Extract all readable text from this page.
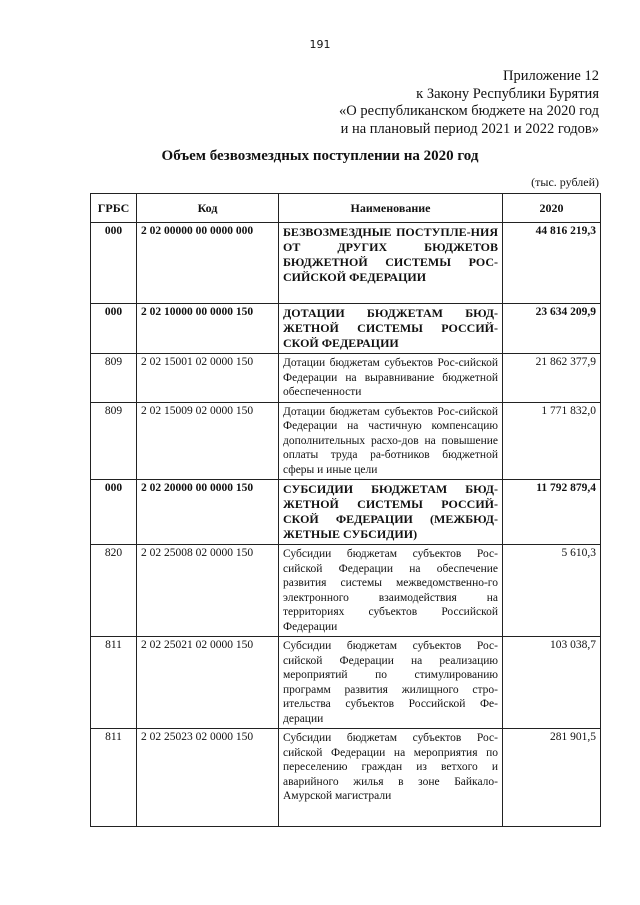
191
Приложение 12
к Закону Республики Бурятия
«О республиканском бюджете на 2020 год
и на плановый период 2021 и 2022 годов»
Объем безвозмездных поступлении на 2020 год
(тыс. рублей)
ГРБС	Код	Наименование	2020
000	2 02 00000 00 0000 000	БЕЗВОЗМЕЗДНЫЕ ПОСТУПЛЕ-НИЯ ОТ ДРУГИХ БЮДЖЕТОВ БЮДЖЕТНОЙ СИСТЕМЫ РОС-СИЙСКОЙ ФЕДЕРАЦИИ	44 816 219,3
000	2 02 10000 00 0000 150	ДОТАЦИИ БЮДЖЕТАМ БЮД-ЖЕТНОЙ СИСТЕМЫ РОССИЙ-СКОЙ ФЕДЕРАЦИИ	23 634 209,9
809	2 02 15001 02 0000 150	Дотации бюджетам субъектов Рос-сийской Федерации на выравнивание бюджетной обеспеченности	21 862 377,9
809	2 02 15009 02 0000 150	Дотации бюджетам субъектов Рос-сийской Федерации на частичную компенсацию дополнительных расхо-дов на повышение оплаты труда ра-ботников бюджетной сферы и иные цели	1 771 832,0
000	2 02 20000 00 0000 150	СУБСИДИИ БЮДЖЕТАМ БЮД-ЖЕТНОЙ СИСТЕМЫ РОССИЙ-СКОЙ ФЕДЕРАЦИИ (МЕЖБЮД-ЖЕТНЫЕ СУБСИДИИ)	11 792 879,4
820	2 02 25008 02 0000 150	Субсидии бюджетам субъектов Рос-сийской Федерации на обеспечение развития системы межведомственно-го электронного взаимодействия на территориях субъектов Российской Федерации	5 610,3
811	2 02 25021 02 0000 150	Субсидии бюджетам субъектов Рос-сийской Федерации на реализацию мероприятий по стимулированию программ развития жилищного стро-ительства субъектов Российской Фе-дерации	103 038,7
811	2 02 25023 02 0000 150	Субсидии бюджетам субъектов Рос-сийской Федерации на мероприятия по переселению граждан из ветхого и аварийного жилья в зоне Байкало-Амурской магистрали	281 901,5
